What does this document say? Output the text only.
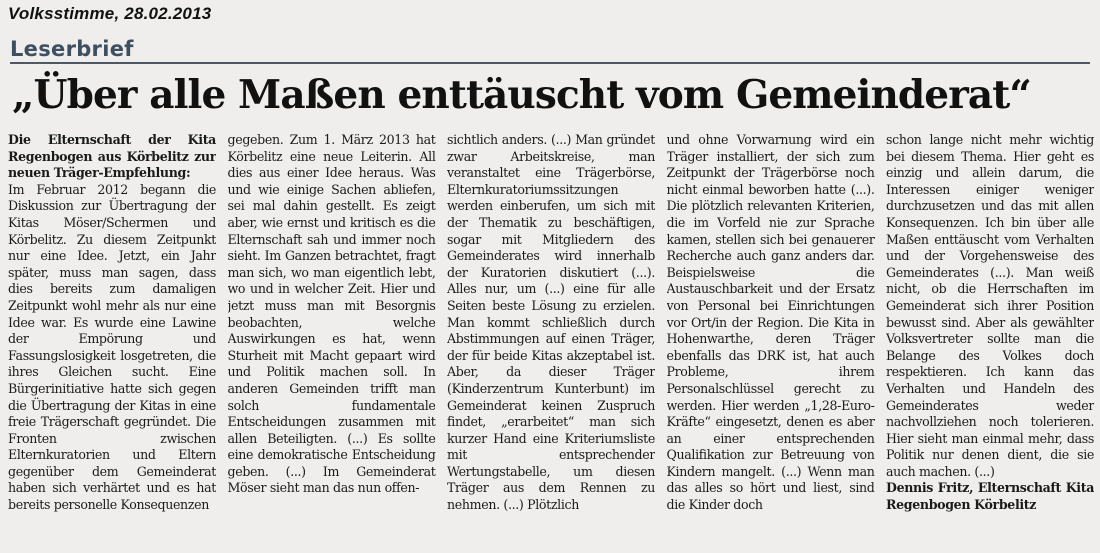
Volksstimme, 28.02.2013
Leserbrief
„Über alle Maßen enttäuscht vom Gemeinderat“
Die Elternschaft der Kita Regenbogen aus Körbelitz zur neuen Träger-Empfehlung:
Im Februar 2012 begann die Diskussion zur Übertragung der Kitas Möser/Schermen und Körbelitz. Zu diesem Zeitpunkt nur eine Idee. Jetzt, ein Jahr später, muss man sagen, dass dies bereits zum damaligen Zeitpunkt wohl mehr als nur eine Idee war. Es wurde eine Lawine der Empörung und Fassungslosigkeit losgetreten, die ihres Gleichen sucht. Eine Bürgerinitiative hatte sich gegen die Übertragung der Kitas in eine freie Trägerschaft gegründet. Die Fronten zwischen Elternkuratorien und Eltern gegenüber dem Gemeinderat haben sich verhärtet und es hat bereits personelle Konsequenzen
gegeben. Zum 1. März 2013 hat Körbelitz eine neue Leiterin. All dies aus einer Idee heraus. Was und wie einige Sachen abliefen, sei mal dahin gestellt. Es zeigt aber, wie ernst und kritisch es die Elternschaft sah und immer noch sieht. Im Ganzen betrachtet, fragt man sich, wo man eigentlich lebt, wo und in welcher Zeit. Hier und jetzt muss man mit Besorgnis beobachten, welche Auswirkungen es hat, wenn Sturheit mit Macht gepaart wird und Politik machen soll. In anderen Gemeinden trifft man solch fundamentale Entscheidungen zusammen mit allen Beteiligten. (...) Es sollte eine demokratische Entscheidung geben. (...) Im Gemeinderat Möser sieht man das nun offen-
sichtlich anders. (...) Man gründet zwar Arbeitskreise, man veranstaltet eine Trägerbörse, Elternkuratoriumssitzungen werden einberufen, um sich mit der Thematik zu beschäftigen, sogar mit Mitgliedern des Gemeinderates wird innerhalb der Kuratorien diskutiert (...). Alles nur, um (...) eine für alle Seiten beste Lösung zu erzielen. Man kommt schließlich durch Abstimmungen auf einen Träger, der für beide Kitas akzeptabel ist. Aber, da dieser Träger (Kinderzentrum Kunterbunt) im Gemeinderat keinen Zuspruch findet, „erarbeitet“ man sich kurzer Hand eine Kriteriumsliste mit entsprechender Wertungstabelle, um diesen Träger aus dem Rennen zu nehmen. (...) Plötzlich
und ohne Vorwarnung wird ein Träger installiert, der sich zum Zeitpunkt der Trägerbörse noch nicht einmal beworben hatte (...). Die plötzlich relevanten Kriterien, die im Vorfeld nie zur Sprache kamen, stellen sich bei genauerer Recherche auch ganz anders dar. Beispielsweise die Austauschbarkeit und der Ersatz von Personal bei Einrichtungen vor Ort/in der Region. Die Kita in Hohenwarthe, deren Träger ebenfalls das DRK ist, hat auch Probleme, ihrem Personalschlüssel gerecht zu werden. Hier werden „1,28-Euro-Kräfte“ eingesetzt, denen es aber an einer entsprechenden Qualifikation zur Betreuung von Kindern mangelt. (...) Wenn man das alles so hört und liest, sind die Kinder doch
schon lange nicht mehr wichtig bei diesem Thema. Hier geht es einzig und allein darum, die Interessen einiger weniger durchzusetzen und das mit allen Konsequenzen. Ich bin über alle Maßen enttäuscht vom Verhalten und der Vorgehensweise des Gemeinderates (...). Man weiß nicht, ob die Herrschaften im Gemeinderat sich ihrer Position bewusst sind. Aber als gewählter Volksvertreter sollte man die Belange des Volkes doch respektieren. Ich kann das Verhalten und Handeln des Gemeinderates weder nachvollziehen noch tolerieren. Hier sieht man einmal mehr, dass Politik nur denen dient, die sie auch machen. (...)
Dennis Fritz, Elternschaft Kita Regenbogen Körbelitz
